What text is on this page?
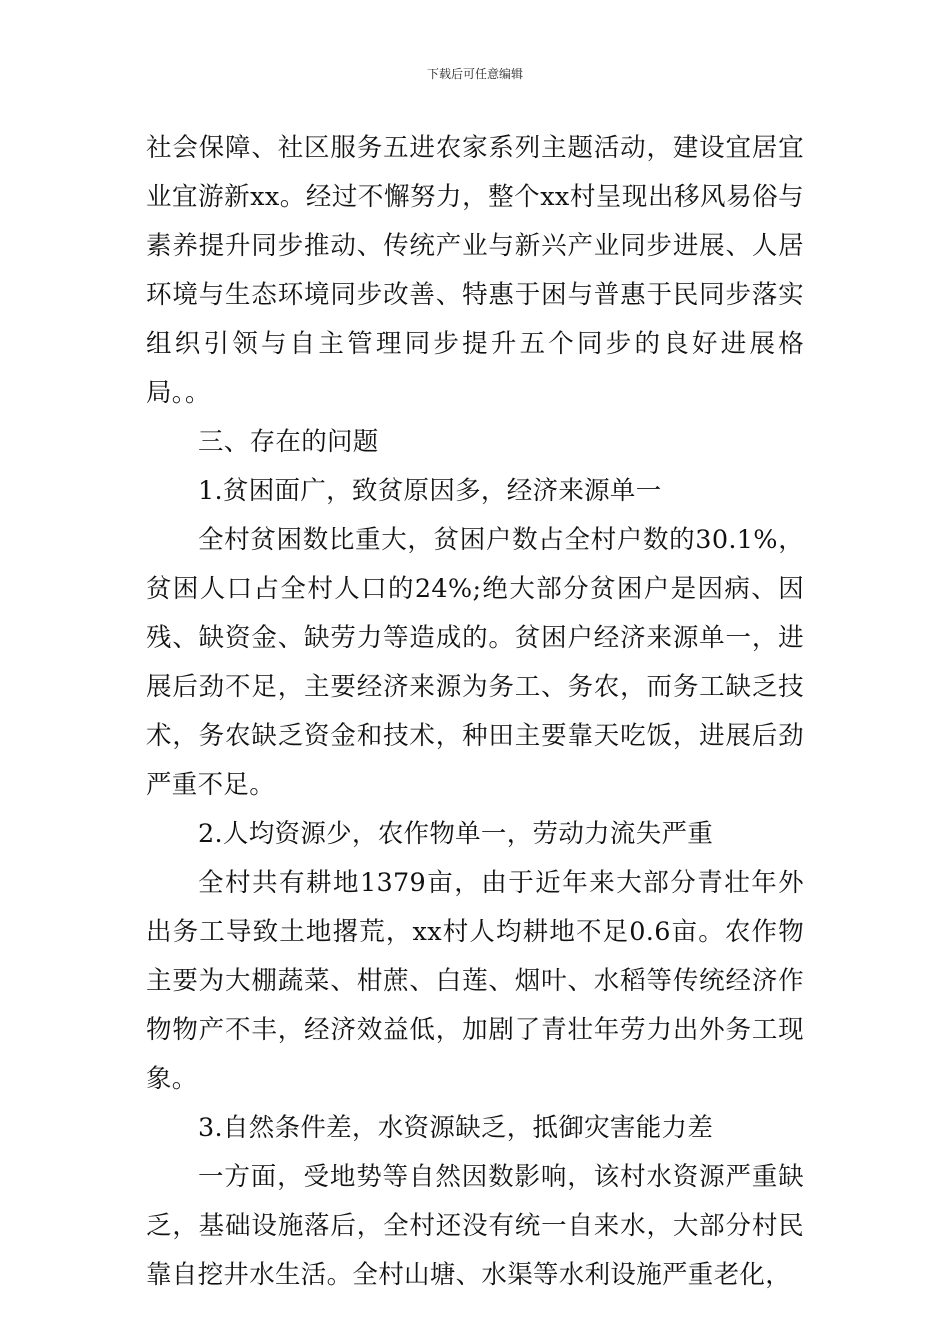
下载后可任意编辑

社会保障、社区服务五进农家系列主题活动，建设宜居宜业宜游新xx。经过不懈努力，整个xx村呈现出移风易俗与素养提升同步推动、传统产业与新兴产业同步进展、人居环境与生态环境同步改善、特惠于困与普惠于民同步落实组织引领与自主管理同步提升五个同步的良好进展格局。。

三、存在的问题

1.贫困面广，致贫原因多，经济来源单一

全村贫困数比重大，贫困户数占全村户数的30.1%，贫困人口占全村人口的24%;绝大部分贫困户是因病、因残、缺资金、缺劳力等造成的。贫困户经济来源单一，进展后劲不足，主要经济来源为务工、务农，而务工缺乏技术，务农缺乏资金和技术，种田主要靠天吃饭，进展后劲严重不足。

2.人均资源少，农作物单一，劳动力流失严重

全村共有耕地1379亩，由于近年来大部分青壮年外出务工导致土地撂荒，xx村人均耕地不足0.6亩。农作物主要为大棚蔬菜、柑蔗、白莲、烟叶、水稻等传统经济作物物产不丰，经济效益低，加剧了青壮年劳力出外务工现象。

3.自然条件差，水资源缺乏，抵御灾害能力差

一方面，受地势等自然因数影响，该村水资源严重缺乏，基础设施落后，全村还没有统一自来水，大部分村民靠自挖井水生活。全村山塘、水渠等水利设施严重老化，
